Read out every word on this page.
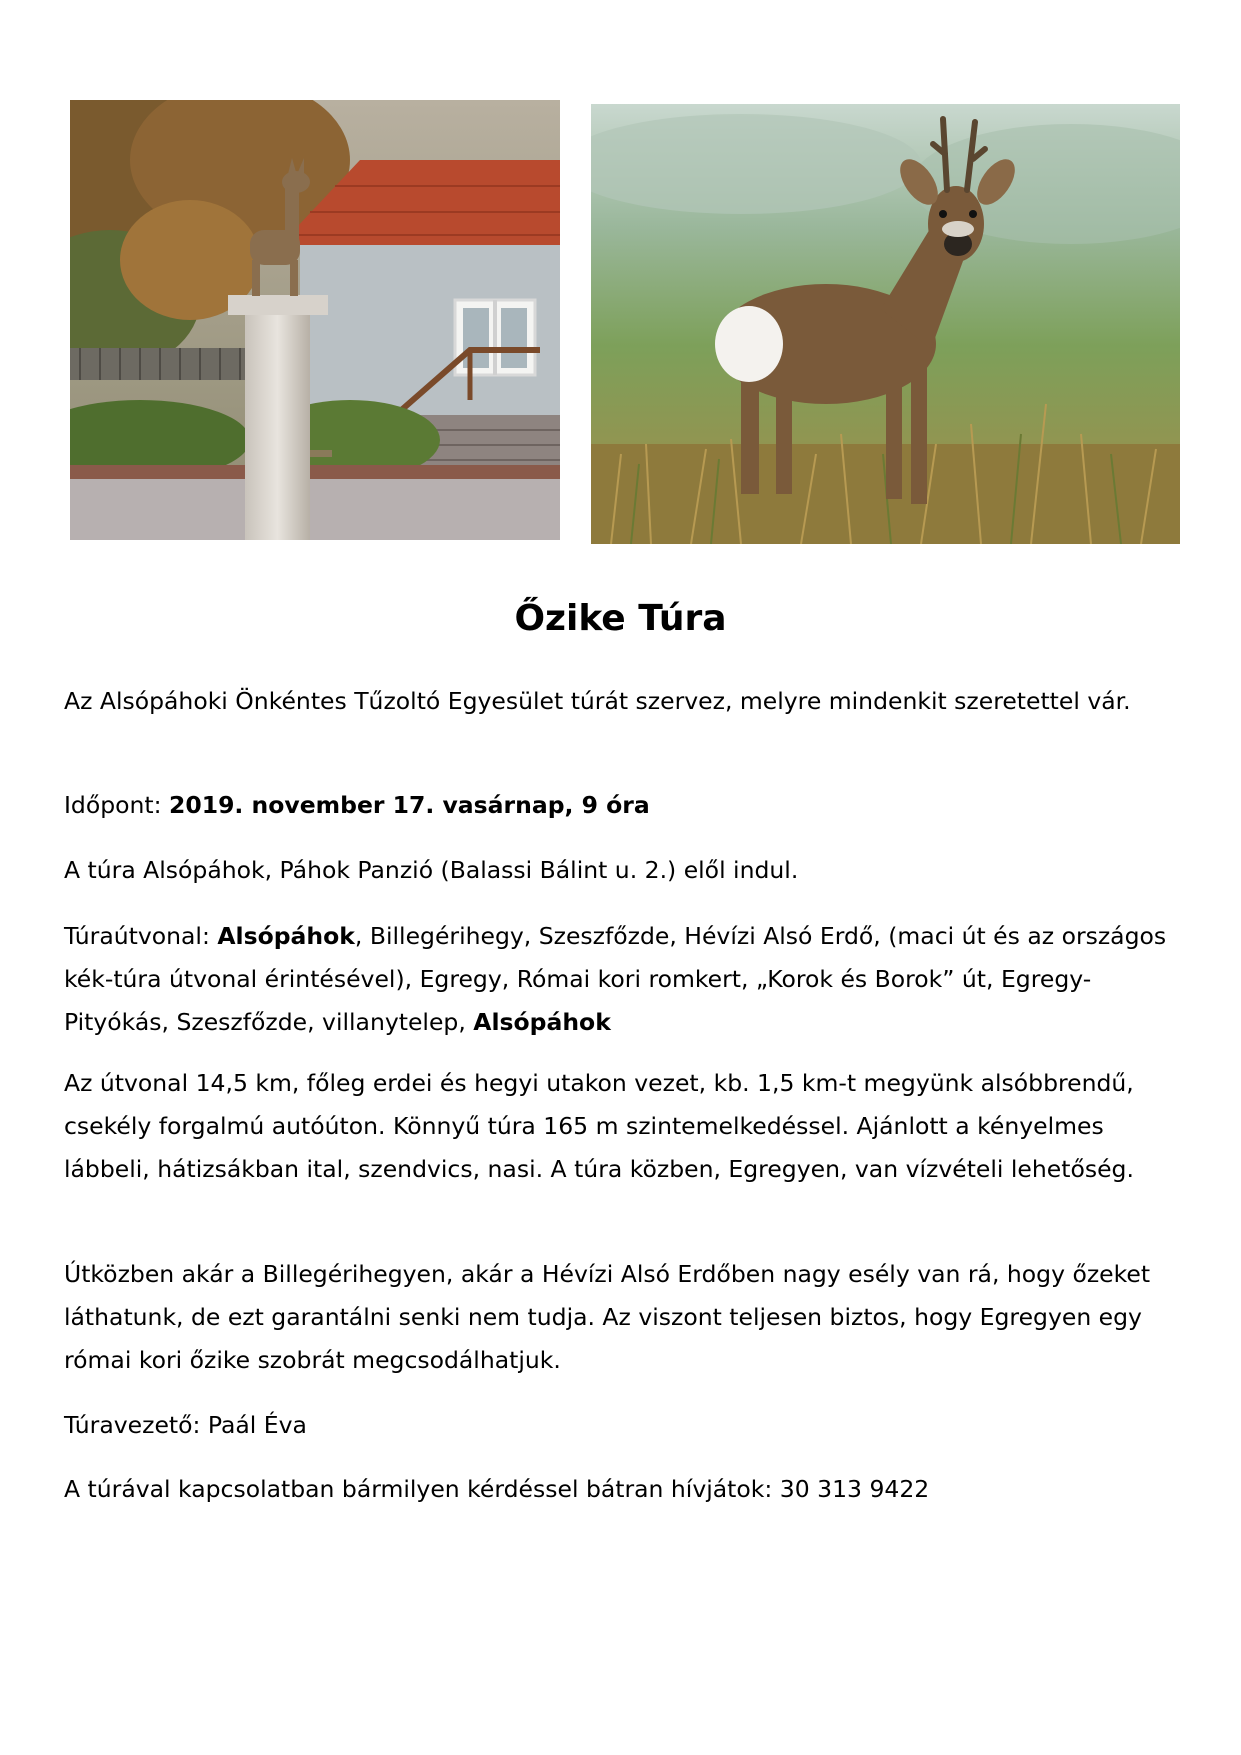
Őzike Túra

Az Alsópáhoki Önkéntes Tűzoltó Egyesület túrát szervez, melyre mindenkit szeretettel vár.

Időpont: 2019. november 17. vasárnap, 9 óra

A túra Alsópáhok, Páhok Panzió (Balassi Bálint u. 2.) elől indul.

Túraútvonal: Alsópáhok, Billegérihegy, Szeszfőzde, Hévízi Alsó Erdő, (maci út és az országos kék-túra útvonal érintésével), Egregy, Római kori romkert, „Korok és Borok” út, Egregy-Pityókás, Szeszfőzde, villanytelep, Alsópáhok

Az útvonal 14,5 km, főleg erdei és hegyi utakon vezet, kb. 1,5 km-t megyünk alsóbbrendű, csekély forgalmú autóúton. Könnyű túra 165 m szintemelkedéssel. Ajánlott a kényelmes lábbeli, hátizsákban ital, szendvics, nasi. A túra közben, Egregyen, van vízvételi lehetőség.

Útközben akár a Billegérihegyen, akár a Hévízi Alsó Erdőben nagy esély van rá, hogy őzeket láthatunk, de ezt garantálni senki nem tudja. Az viszont teljesen biztos, hogy Egregyen egy római kori őzike szobrát megcsodálhatjuk.

Túravezető: Paál Éva

A túrával kapcsolatban bármilyen kérdéssel bátran hívjátok: 30 313 9422
